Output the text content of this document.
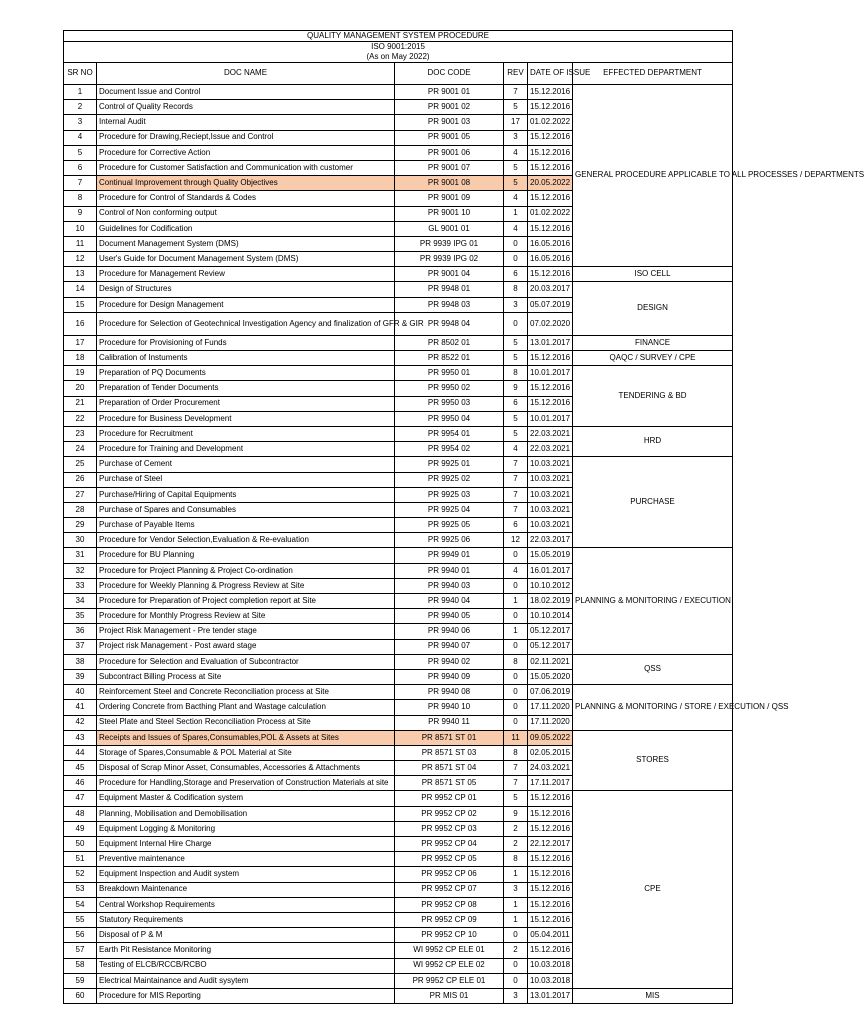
QUALITY MANAGEMENT SYSTEM PROCEDURE					
ISO 9001:2015					
(As on May 2022)					
SR NO	DOC NAME	DOC CODE	REV	DATE OF ISSUE	EFFECTED DEPARTMENT
1	Document Issue and Control	PR 9001 01	7	15.12.2016	GENERAL PROCEDURE APPLICABLE TO ALL PROCESSES / DEPARTMENTS
2	Control of Quality Records	PR 9001 02	5	15.12.2016	
3	Internal Audit	PR 9001 03	17	01.02.2022	
4	Procedure for Drawing,Reciept,Issue and Control	PR 9001 05	3	15.12.2016	
5	Procedure for Corrective Action	PR 9001 06	4	15.12.2016	
6	Procedure for Customer Satisfaction and Communication with customer	PR 9001 07	5	15.12.2016	
7	Continual Improvement through Quality Objectives	PR 9001 08	5	20.05.2022	
8	Procedure for Control of Standards & Codes	PR 9001 09	4	15.12.2016	
9	Control of Non conforming output	PR 9001 10	1	01.02.2022	
10	Guidelines for Codification	GL 9001 01	4	15.12.2016	
11	Document Management System (DMS)	PR 9939 IPG 01	0	16.05.2016	
12	User's Guide for Document Management System (DMS)	PR 9939 IPG 02	0	16.05.2016	
13	Procedure for Management Review	PR 9001 04	6	15.12.2016	ISO CELL
14	Design of Structures	PR 9948 01	8	20.03.2017	DESIGN
15	Procedure for Design Management	PR 9948 03	3	05.07.2019	
16	Procedure for Selection of Geotechnical Investigation Agency and finalization of GFR & GIR	PR 9948 04	0	07.02.2020	
17	Procedure for Provisioning of Funds	PR 8502 01	5	13.01.2017	FINANCE
18	Calibration of Instuments	PR 8522 01	5	15.12.2016	QAQC / SURVEY / CPE
19	Preparation of PQ Documents	PR 9950 01	8	10.01.2017	TENDERING & BD
20	Preparation of Tender Documents	PR 9950 02	9	15.12.2016	
21	Preparation of Order Procurement	PR 9950 03	6	15.12.2016	
22	Procedure for Business Development	PR 9950 04	5	10.01.2017	
23	Procedure for Recruitment	PR 9954 01	5	22.03.2021	HRD
24	Procedure for Training and Development	PR 9954 02	4	22.03.2021	
25	Purchase of Cement	PR 9925 01	7	10.03.2021	PURCHASE
26	Purchase of Steel	PR 9925 02	7	10.03.2021	
27	Purchase/Hiring of Capital Equipments	PR 9925 03	7	10.03.2021	
28	Purchase of Spares and Consumables	PR 9925 04	7	10.03.2021	
29	Purchase of Payable Items	PR 9925 05	6	10.03.2021	
30	Procedure for Vendor Selection,Evaluation & Re-evaluation	PR 9925 06	12	22.03.2017	
31	Procedure for BU Planning	PR 9949 01	0	15.05.2019	PLANNING & MONITORING / EXECUTION
32	Procedure for Project Planning & Project Co-ordination	PR 9940 01	4	16.01.2017	
33	Procedure for Weekly Planning & Progress Review at Site	PR 9940 03	0	10.10.2012	
34	Procedure for Preparation of Project completion report at Site	PR 9940 04	1	18.02.2019	
35	Procedure for Monthly Progress Review at Site	PR 9940 05	0	10.10.2014	
36	Project Risk Management - Pre tender stage	PR 9940 06	1	05.12.2017	
37	Project risk Management - Post award stage	PR 9940 07	0	05.12.2017	
38	Procedure for Selection and Evaluation of Subcontractor	PR 9940 02	8	02.11.2021	QSS
39	Subcontract Billing Process at Site	PR 9940 09	0	15.05.2020	
40	Reinforcement Steel and Concrete Reconciliation process at Site	PR 9940 08	0	07.06.2019	PLANNING & MONITORING / STORE / EXECUTION / QSS
41	Ordering Concrete from Bacthing Plant and Wastage calculation	PR 9940 10	0	17.11.2020	
42	Steel Plate and Steel Section Reconciliation Process at Site	PR 9940 11	0	17.11.2020	
43	Receipts and Issues of Spares,Consumables,POL & Assets at Sites	PR 8571 ST 01	11	09.05.2022	STORES
44	Storage of Spares,Consumable & POL Material at Site	PR 8571 ST 03	8	02.05.2015	
45	Disposal of Scrap Minor Asset, Consumables, Accessories & Attachments	PR 8571 ST 04	7	24.03.2021	
46	Procedure for Handling,Storage and Preservation of Construction Materials at site	PR 8571 ST 05	7	17.11.2017	
47	Equipment Master & Codification system	PR 9952 CP 01	5	15.12.2016	CPE
48	Planning, Mobilisation and Demobilisation	PR 9952 CP 02	9	15.12.2016	
49	Equipment Logging & Monitoring	PR 9952 CP 03	2	15.12.2016	
50	Equipment Internal Hire Charge	PR 9952 CP 04	2	22.12.2017	
51	Preventive maintenance	PR 9952 CP 05	8	15.12.2016	
52	Equipment Inspection and Audit system	PR 9952 CP 06	1	15.12.2016	
53	Breakdown Maintenance	PR 9952 CP 07	3	15.12.2016	
54	Central Workshop Requirements	PR 9952 CP 08	1	15.12.2016	
55	Statutory Requirements	PR 9952 CP 09	1	15.12.2016	
56	Disposal of P & M	PR 9952 CP 10	0	05.04.2011	
57	Earth Pit Resistance Monitoring	WI 9952 CP ELE 01	2	15.12.2016	
58	Testing of ELCB/RCCB/RCBO	WI 9952 CP ELE 02	0	10.03.2018	
59	Electrical Maintainance and Audit sysytem	PR 9952 CP ELE 01	0	10.03.2018	
60	Procedure for MIS Reporting	PR MIS 01	3	13.01.2017	MIS
